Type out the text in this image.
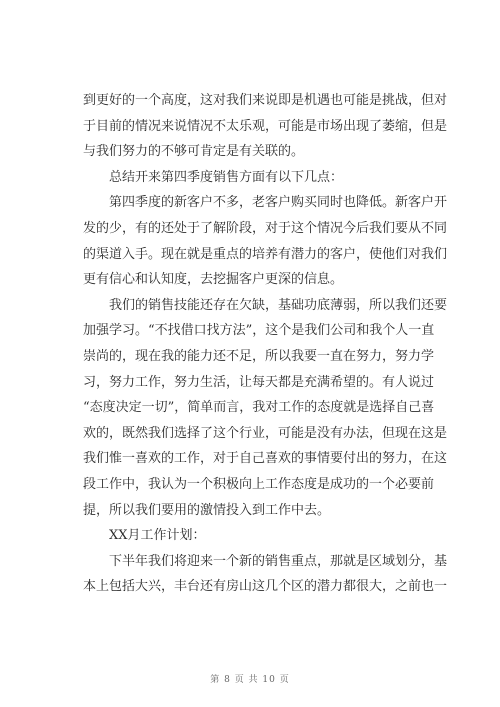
到更好的一个高度，这对我们来说即是机遇也可能是挑战，但对
于目前的情况来说情况不太乐观，可能是市场出现了萎缩，但是
与我们努力的不够可肯定是有关联的。
总结开来第四季度销售方面有以下几点：
第四季度的新客户不多，老客户购买同时也降低。新客户开
发的少，有的还处于了解阶段，对于这个情况今后我们要从不同
的渠道入手。现在就是重点的培养有潜力的客户，使他们对我们
更有信心和认知度，去挖掘客户更深的信息。
我们的销售技能还存在欠缺，基础功底薄弱，所以我们还要
加强学习。“不找借口找方法”，这个是我们公司和我个人一直
崇尚的，现在我的能力还不足，所以我要一直在努力，努力学
习，努力工作，努力生活，让每天都是充满希望的。有人说过
“态度决定一切”，简单而言，我对工作的态度就是选择自己喜
欢的，既然我们选择了这个行业，可能是没有办法，但现在这是
我们惟一喜欢的工作，对于自己喜欢的事情要付出的努力，在这
段工作中，我认为一个积极向上工作态度是成功的一个必要前
提，所以我们要用的激情投入到工作中去。
XX月工作计划：
下半年我们将迎来一个新的销售重点，那就是区域划分，基
本上包括大兴，丰台还有房山这几个区的潜力都很大，之前也一
第 8 页 共 10 页
